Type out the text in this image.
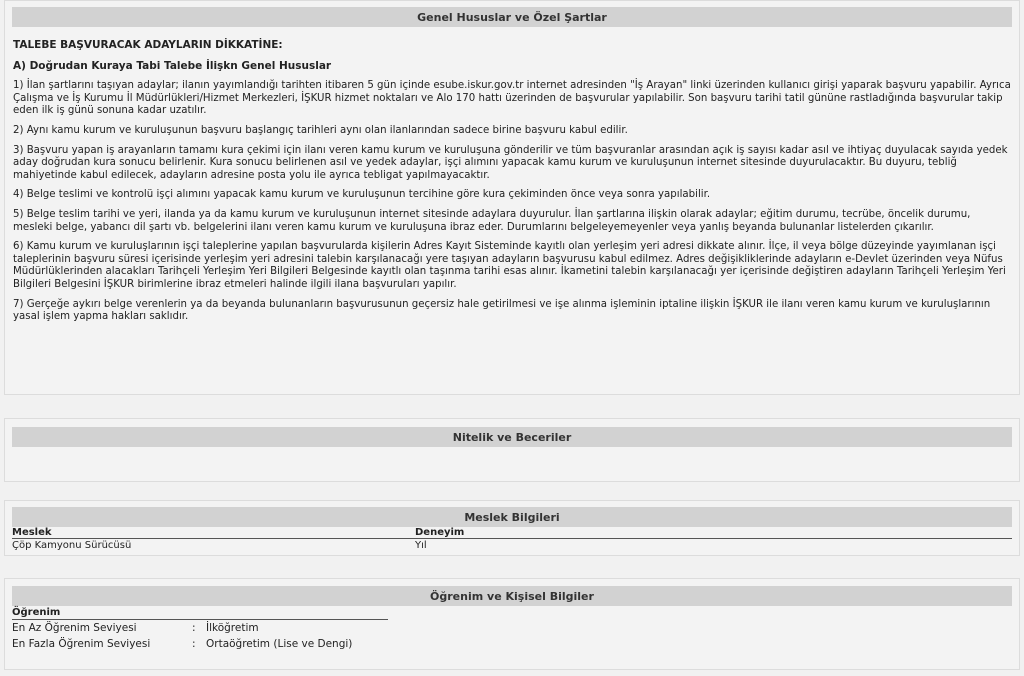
Genel Hususlar ve Özel Şartlar

TALEBE BAŞVURACAK ADAYLARIN DİKKATİNE:

A) Doğrudan Kuraya Tabi Talebe İlişkn Genel Hususlar

1) İlan şartlarını taşıyan adaylar; ilanın yayımlandığı tarihten itibaren 5 gün içinde esube.iskur.gov.tr internet adresinden "İş Arayan" linki üzerinden kullanıcı girişi yaparak başvuru yapabilir. Ayrıca Çalışma ve İş Kurumu İl Müdürlükleri/Hizmet Merkezleri, İŞKUR hizmet noktaları ve Alo 170 hattı üzerinden de başvurular yapılabilir. Son başvuru tarihi tatil gününe rastladığında başvurular takip eden ilk iş günü sonuna kadar uzatılır.

2) Aynı kamu kurum ve kuruluşunun başvuru başlangıç tarihleri aynı olan ilanlarından sadece birine başvuru kabul edilir.

3) Başvuru yapan iş arayanların tamamı kura çekimi için ilanı veren kamu kurum ve kuruluşuna gönderilir ve tüm başvuranlar arasından açık iş sayısı kadar asıl ve ihtiyaç duyulacak sayıda yedek aday doğrudan kura sonucu belirlenir. Kura sonucu belirlenen asıl ve yedek adaylar, işçi alımını yapacak kamu kurum ve kuruluşunun internet sitesinde duyurulacaktır. Bu duyuru, tebliğ mahiyetinde kabul edilecek, adayların adresine posta yolu ile ayrıca tebligat yapılmayacaktır.

4) Belge teslimi ve kontrolü işçi alımını yapacak kamu kurum ve kuruluşunun tercihine göre kura çekiminden önce veya sonra yapılabilir.

5) Belge teslim tarihi ve yeri, ilanda ya da kamu kurum ve kuruluşunun internet sitesinde adaylara duyurulur. İlan şartlarına ilişkin olarak adaylar; eğitim durumu, tecrübe, öncelik durumu, mesleki belge, yabancı dil şartı vb. belgelerini ilanı veren kamu kurum ve kuruluşuna ibraz eder. Durumlarını belgeleyemeyenler veya yanlış beyanda bulunanlar listelerden çıkarılır.

6) Kamu kurum ve kuruluşlarının işçi taleplerine yapılan başvurularda kişilerin Adres Kayıt Sisteminde kayıtlı olan yerleşim yeri adresi dikkate alınır. İlçe, il veya bölge düzeyinde yayımlanan işçi taleplerinin başvuru süresi içerisinde yerleşim yeri adresini talebin karşılanacağı yere taşıyan adayların başvurusu kabul edilmez. Adres değişikliklerinde adayların e-Devlet üzerinden veya Nüfus Müdürlüklerinden alacakları Tarihçeli Yerleşim Yeri Bilgileri Belgesinde kayıtlı olan taşınma tarihi esas alınır. İkametini talebin karşılanacağı yer içerisinde değiştiren adayların Tarihçeli Yerleşim Yeri Bilgileri Belgesini İŞKUR birimlerine ibraz etmeleri halinde ilgili ilana başvuruları yapılır.

7) Gerçeğe aykırı belge verenlerin ya da beyanda bulunanların başvurusunun geçersiz hale getirilmesi ve işe alınma işleminin iptaline ilişkin İŞKUR ile ilanı veren kamu kurum ve kuruluşlarının yasal işlem yapma hakları saklıdır.

Nitelik ve Beceriler
Meslek Bilgileri
Meslek	Deneyim
Çöp Kamyonu Sürücüsü	Yıl
Öğrenim ve Kişisel Bilgiler
Öğrenim
En Az Öğrenim Seviyesi	: İlköğretim
En Fazla Öğrenim Seviyesi	: Ortaöğretim (Lise ve Dengi)
